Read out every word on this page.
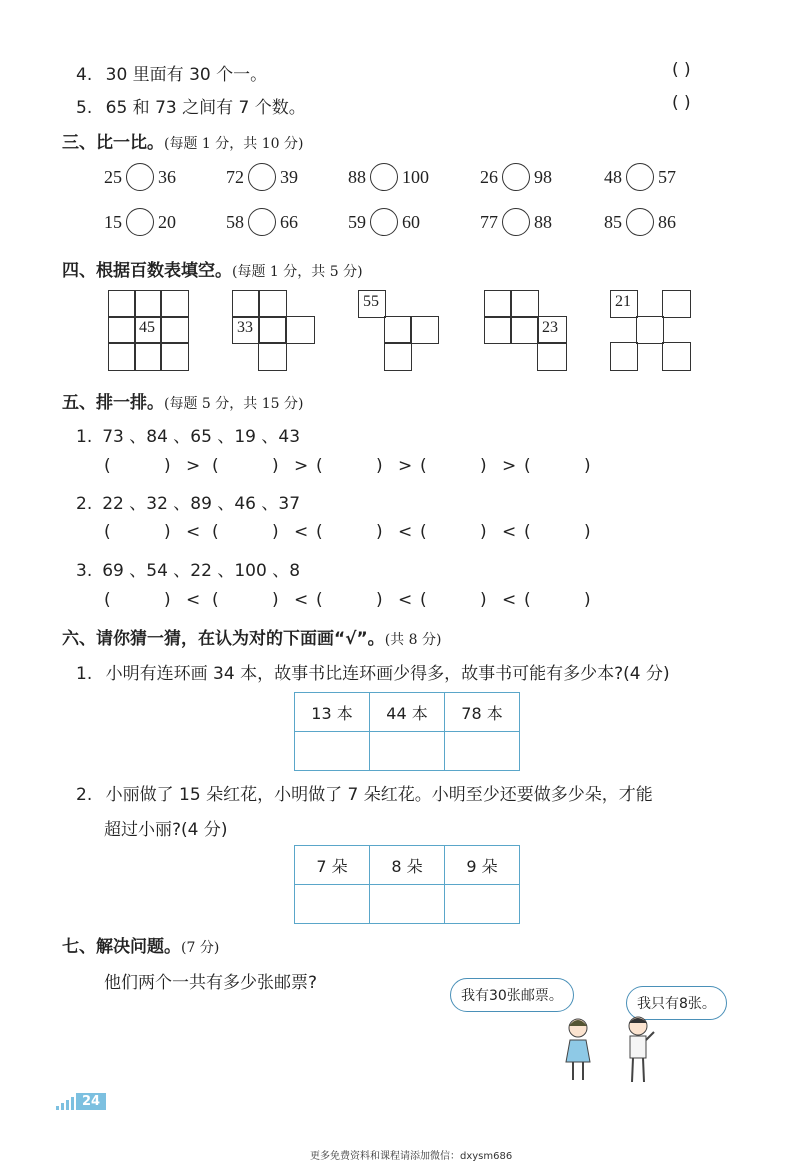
4. 30 里面有 30 个一。	( )
5. 65 和 73 之间有 7 个数。	( )
三、比一比。(每题 1 分，共 10 分)
25 36	72 39	88 100	26 98	48 57
15 20	58 66	59 60	77 88	85 86
四、根据百数表填空。(每题 1 分，共 5 分)
45	33
55
23
21
五、排一排。(每题 5 分，共 15 分)
1. 73 、84 、65 、19 、43
(	) > (	) > (	) > (	) > (	)
2. 22 、32 、89 、46 、37
(	) < (	) < (	) < (	) < (	)
3. 69 、54 、22 、100 、8
(	) < (	) < (	) < (	) < (	)
六、请你猜一猜，在认为对的下面画“√”。(共 8 分)
1. 小明有连环画 34 本，故事书比连环画少得多，故事书可能有多少本?(4 分)
13 本	44 本	78 本

2. 小丽做了 15 朵红花，小明做了 7 朵红花。小明至少还要做多少朵，才能
超过小丽?(4 分)
7 朵	8 朵	9 朵

七、解决问题。(7 分)
他们两个一共有多少张邮票?
我有30张邮票。	我只有8张。
24
更多免费资料和课程请添加微信：dxysm686
